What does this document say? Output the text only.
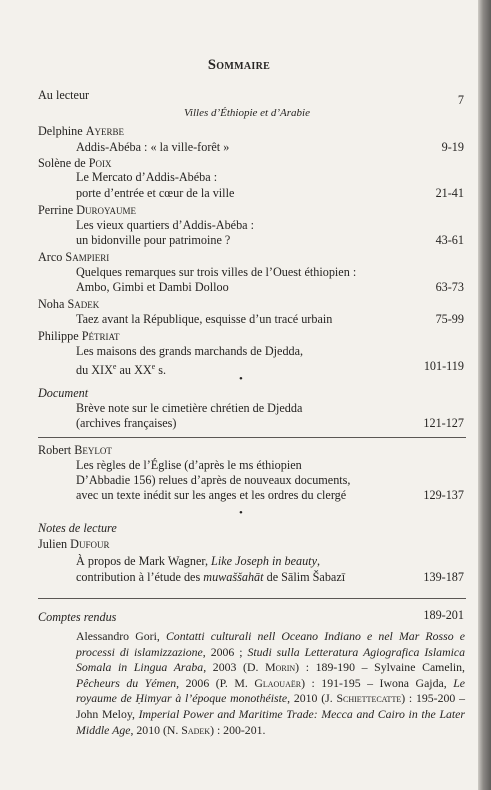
Sommaire
Au lecteur	7
Villes d’Éthiopie et d’Arabie
Delphine Ayerbe
Addis-Abéba : « la ville-forêt »	9-19
Solène de Poix
Le Mercato d’Addis-Abéba :
porte d’entrée et cœur de la ville	21-41
Perrine Duroyaume
Les vieux quartiers d’Addis-Abéba :
un bidonville pour patrimoine ?	43-61
Arco Sampieri
Quelques remarques sur trois villes de l’Ouest éthiopien :
Ambo, Gimbi et Dambi Dolloo	63-73
Noha Sadek
Taez avant la République, esquisse d’un tracé urbain	75-99
Philippe Pétriat
Les maisons des grands marchands de Djedda,
du XIXe au XXe s.	101-119
•
Document
Brève note sur le cimetière chrétien de Djedda
(archives françaises)	121-127
Robert Beylot
Les règles de l’Église (d’après le ms éthiopien
D’Abbadie 156) relues d’après de nouveaux documents,
avec un texte inédit sur les anges et les ordres du clergé	129-137
•
Notes de lecture
Julien Dufour
À propos de Mark Wagner, Like Joseph in beauty,
contribution à l’étude des muwaššahāt de Sālim Šabazī	139-187
Comptes rendus	189-201
Alessandro Gori, Contatti culturali nell Oceano Indiano e nel Mar Rosso e processi di islamizzazione, 2006 ; Studi sulla Letteratura Agiografica Islamica Somala in Lingua Araba, 2003 (D. Morin) : 189-190 – Sylvaine Camelin, Pêcheurs du Yémen, 2006 (P. M. Glaouaër) : 191-195 – Iwona Gajda, Le royaume de Ḥimyar à l’époque monothéiste, 2010 (J. Schiettecatte) : 195-200 – John Meloy, Imperial Power and Maritime Trade: Mecca and Cairo in the Later Middle Age, 2010 (N. Sadek) : 200-201.
